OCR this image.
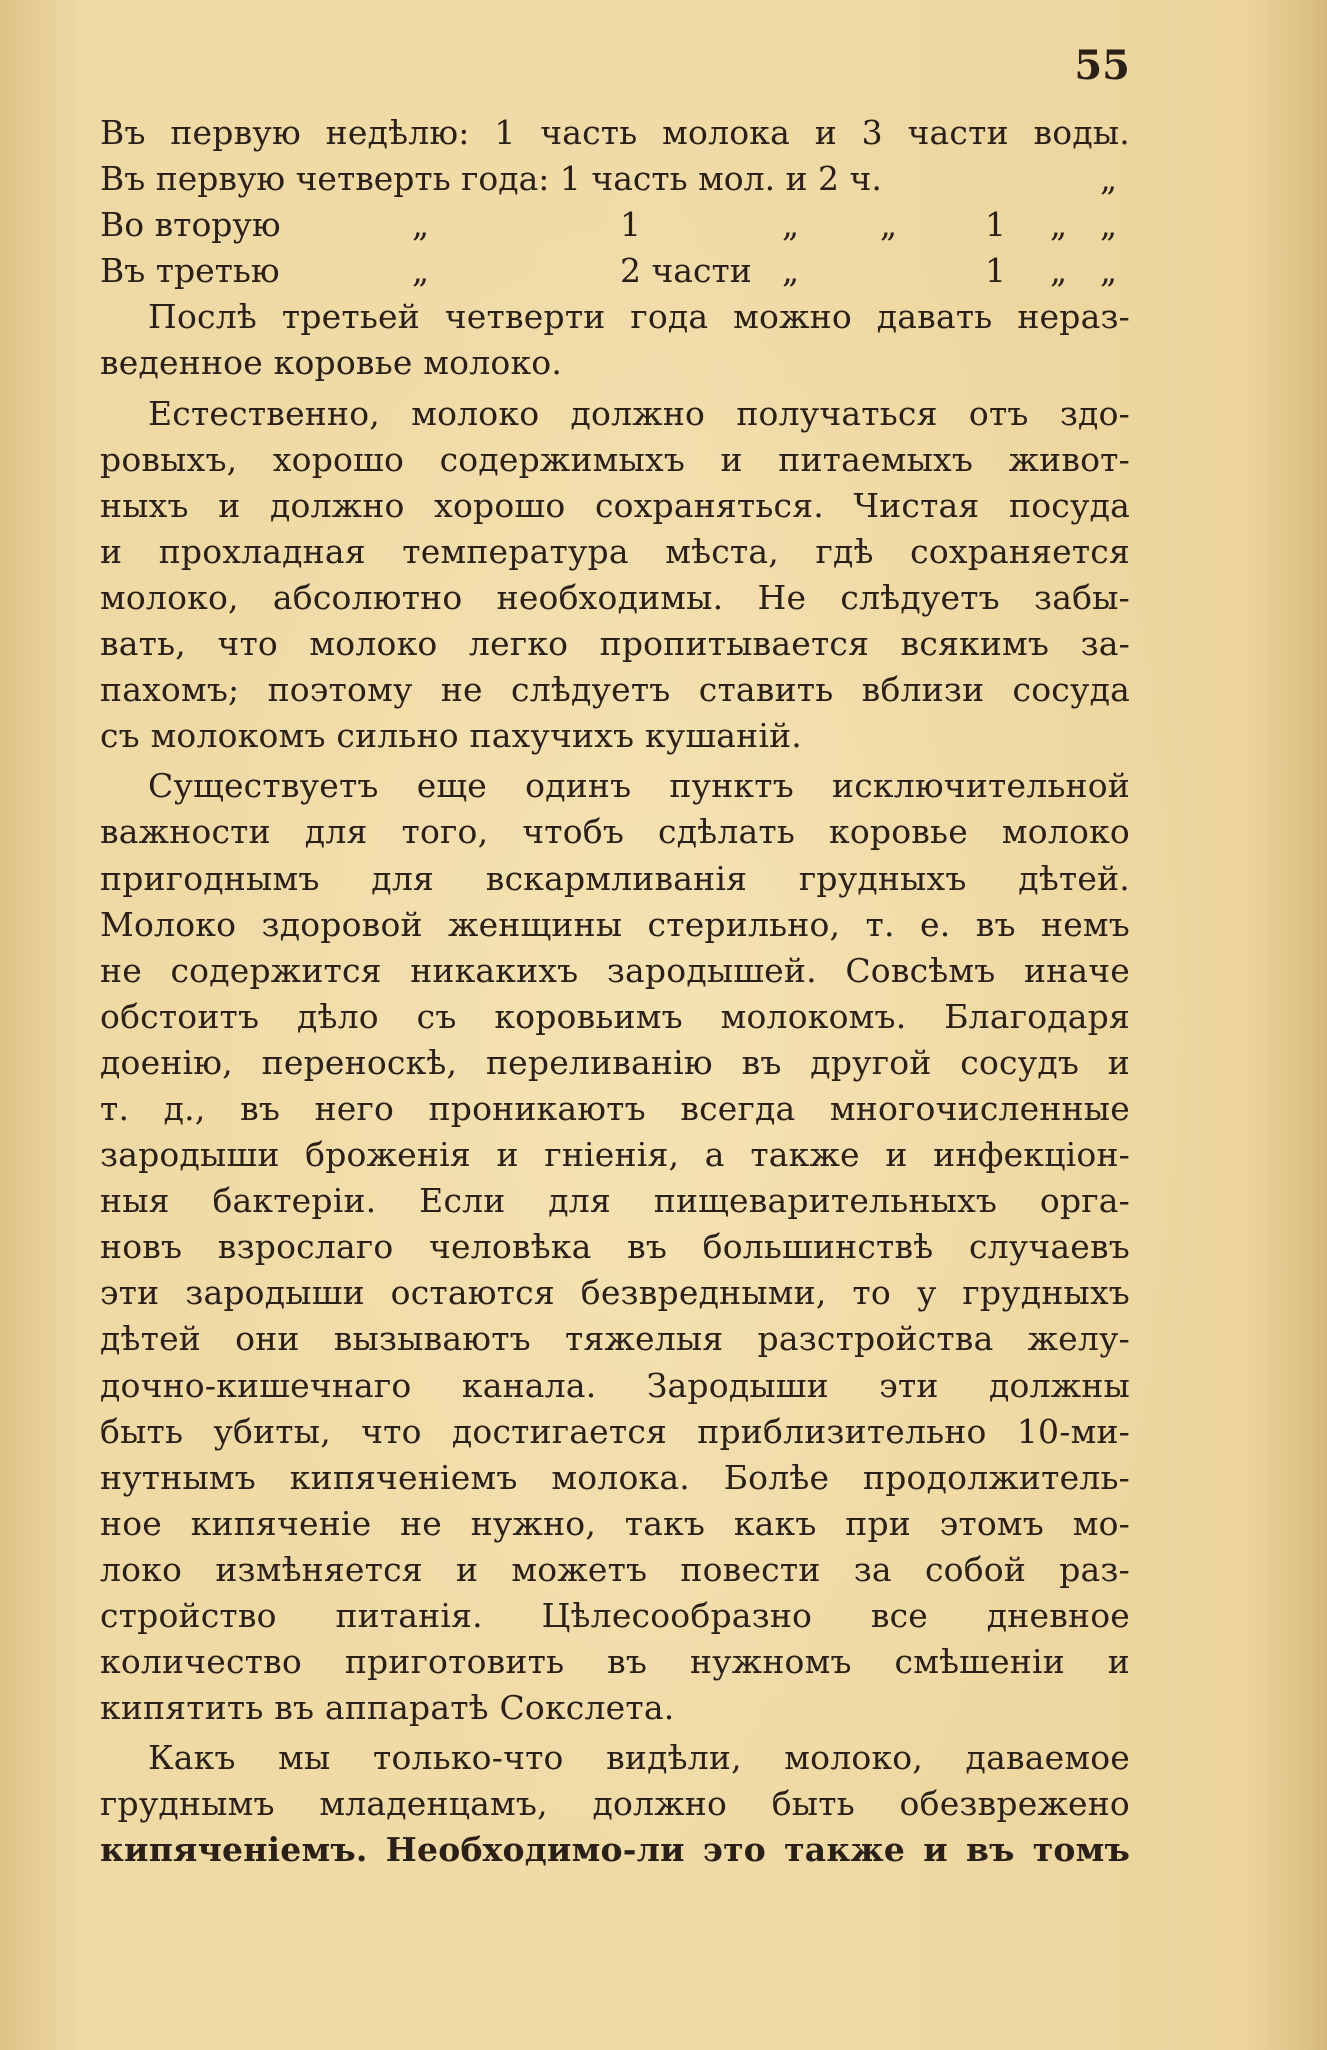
55
Въ первую недѣлю: 1 часть молока и 3 части воды.
Въ первую четверть года: 1 часть мол. и 2 ч.	„
Во вторую	„	1	„ „	1 „ „
Въ третью	„	2 части „	1 „ „
Послѣ третьей четверти года можно давать нераз-
веденное коровье молоко.
Естественно, молоко должно получаться отъ здо-
ровыхъ, хорошо содержимыхъ и питаемыхъ живот-
ныхъ и должно хорошо сохраняться. Чистая посуда
и прохладная температура мѣста, гдѣ сохраняется
молоко, абсолютно необходимы. Не слѣдуетъ забы-
вать, что молоко легко пропитывается всякимъ за-
пахомъ; поэтому не слѣдуетъ ставить вблизи сосуда
съ молокомъ сильно пахучихъ кушаній.
Существуетъ еще одинъ пунктъ исключительной
важности для того, чтобъ сдѣлать коровье молоко
пригоднымъ для вскармливанія грудныхъ дѣтей.
Молоко здоровой женщины стерильно, т. е. въ немъ
не содержится никакихъ зародышей. Совсѣмъ иначе
обстоитъ дѣло съ коровьимъ молокомъ. Благодаря
доенію, переноскѣ, переливанію въ другой сосудъ и
т. д., въ него проникаютъ всегда многочисленные
зародыши броженія и гніенія, а также и инфекціон-
ныя бактеріи. Если для пищеварительныхъ орга-
новъ взрослаго человѣка въ большинствѣ случаевъ
эти зародыши остаются безвредными, то у грудныхъ
дѣтей они вызываютъ тяжелыя разстройства желу-
дочно-кишечнаго канала. Зародыши эти должны
быть убиты, что достигается приблизительно 10-ми-
нутнымъ кипяченіемъ молока. Болѣе продолжитель-
ное кипяченіе не нужно, такъ какъ при этомъ мо-
локо измѣняется и можетъ повести за собой раз-
стройство питанія. Цѣлесообразно все дневное
количество приготовить въ нужномъ смѣшеніи и
кипятить въ аппаратѣ Сокслета.
Какъ мы только-что видѣли, молоко, даваемое
груднымъ младенцамъ, должно быть обезврежено
кипяченіемъ. Необходимо-ли это также и въ томъ
